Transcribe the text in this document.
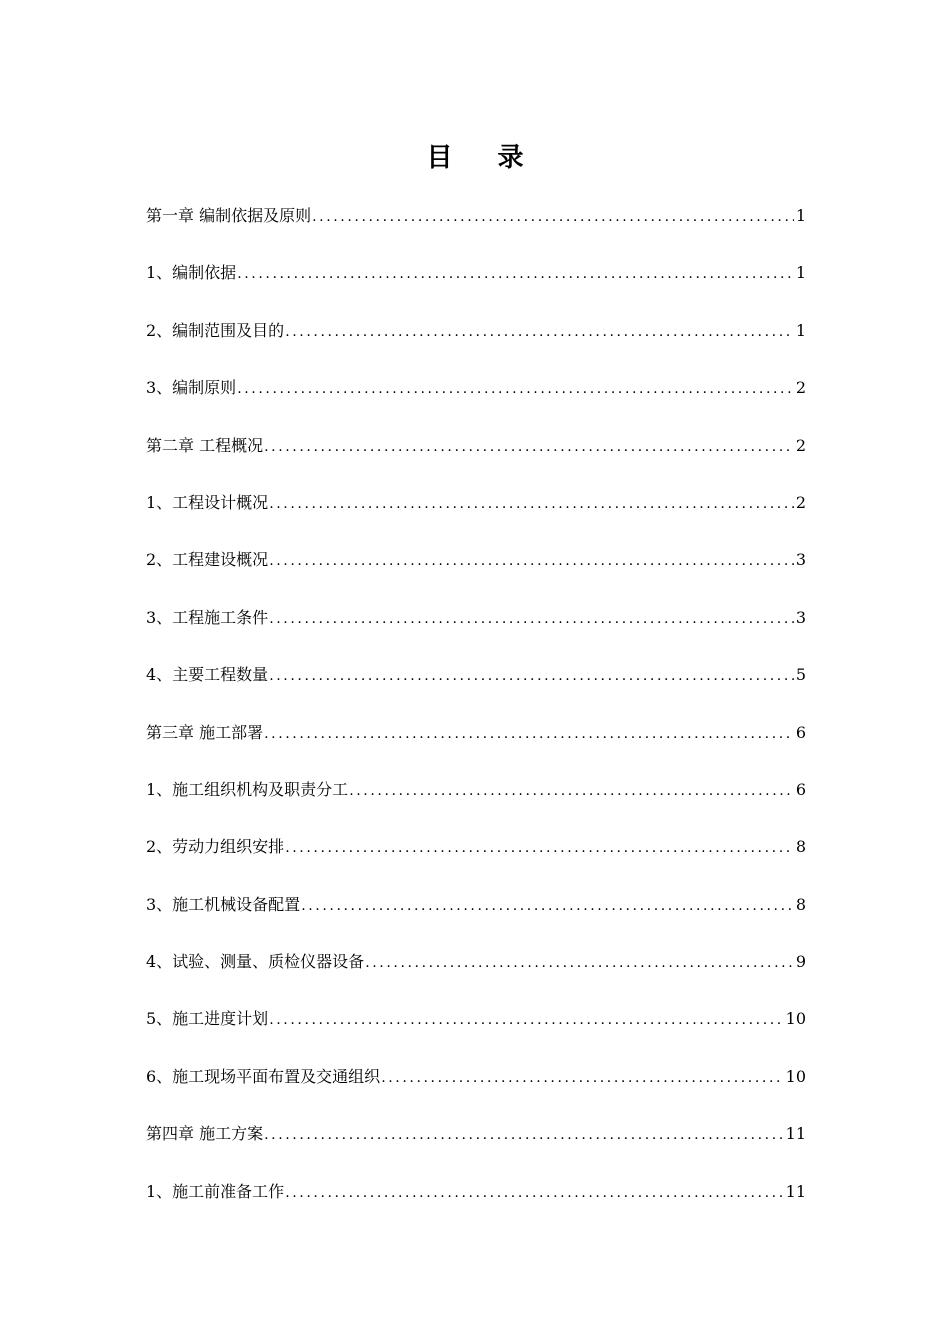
目 录
第一章 编制依据及原则 .....	1
1、编制依据 .....	1
2、编制范围及目的 .....	1
3、编制原则 .....	2
第二章 工程概况 .....	2
1、工程设计概况 .....	2
2、工程建设概况 .....	3
3、工程施工条件 .....	3
4、主要工程数量 .....	5
第三章 施工部署 .....	6
1、施工组织机构及职责分工 .....	6
2、劳动力组织安排 .....	8
3、施工机械设备配置 .....	8
4、试验、测量、质检仪器设备 .....	9
5、施工进度计划 .....	10
6、施工现场平面布置及交通组织 .....	10
第四章 施工方案 .....	11
1、施工前准备工作 .....	11
